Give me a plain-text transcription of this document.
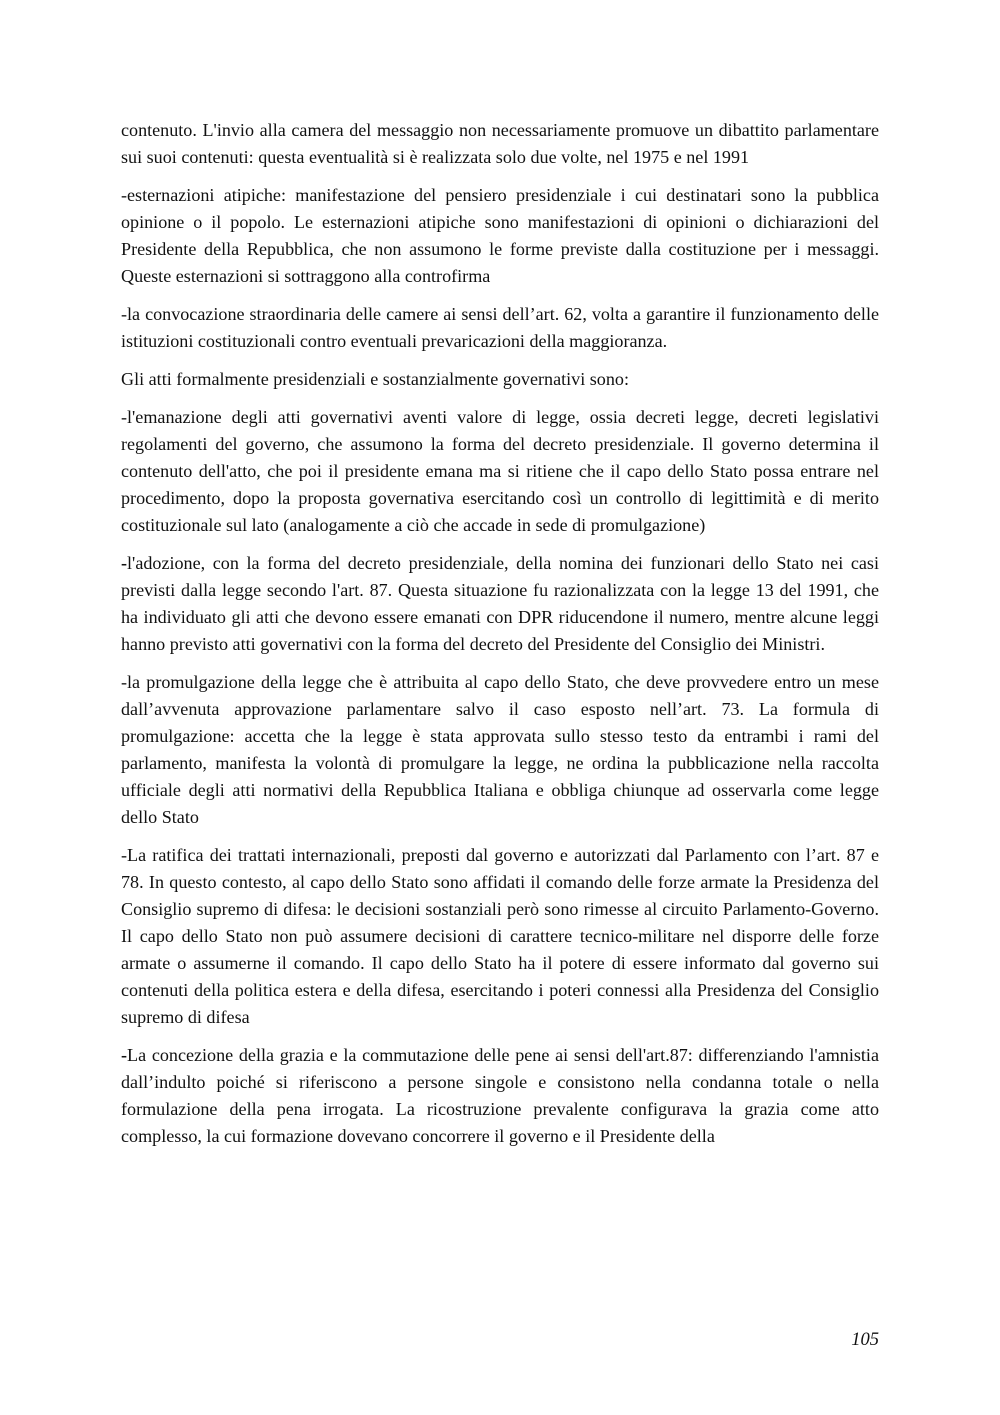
contenuto. L'invio alla camera del messaggio non necessariamente promuove un dibattito parlamentare sui suoi contenuti: questa eventualità si è realizzata solo due volte, nel 1975 e nel 1991

-esternazioni atipiche: manifestazione del pensiero presidenziale i cui destinatari sono la pubblica opinione o il popolo. Le esternazioni atipiche sono manifestazioni di opinioni o dichiarazioni del Presidente della Repubblica, che non assumono le forme previste dalla costituzione per i messaggi. Queste esternazioni si sottraggono alla controfirma

-la convocazione straordinaria delle camere ai sensi dell’art. 62, volta a garantire il funzionamento delle istituzioni costituzionali contro eventuali prevaricazioni della maggioranza.

Gli atti formalmente presidenziali e sostanzialmente governativi sono:

-l'emanazione degli atti governativi aventi valore di legge, ossia decreti legge, decreti legislativi regolamenti del governo, che assumono la forma del decreto presidenziale. Il governo determina il contenuto dell'atto, che poi il presidente emana ma si ritiene che il capo dello Stato possa entrare nel procedimento, dopo la proposta governativa esercitando così un controllo di legittimità e di merito costituzionale sul lato (analogamente a ciò che accade in sede di promulgazione)

-l'adozione, con la forma del decreto presidenziale, della nomina dei funzionari dello Stato nei casi previsti dalla legge secondo l'art. 87. Questa situazione fu razionalizzata con la legge 13 del 1991, che ha individuato gli atti che devono essere emanati con DPR riducendone il numero, mentre alcune leggi hanno previsto atti governativi con la forma del decreto del Presidente del Consiglio dei Ministri.

-la promulgazione della legge che è attribuita al capo dello Stato, che deve provvedere entro un mese dall’avvenuta approvazione parlamentare salvo il caso esposto nell’art. 73. La formula di promulgazione: accetta che la legge è stata approvata sullo stesso testo da entrambi i rami del parlamento, manifesta la volontà di promulgare la legge, ne ordina la pubblicazione nella raccolta ufficiale degli atti normativi della Repubblica Italiana e obbliga chiunque ad osservarla come legge dello Stato

-La ratifica dei trattati internazionali, preposti dal governo e autorizzati dal Parlamento con l’art. 87 e 78. In questo contesto, al capo dello Stato sono affidati il comando delle forze armate la Presidenza del Consiglio supremo di difesa: le decisioni sostanziali però sono rimesse al circuito Parlamento-Governo. Il capo dello Stato non può assumere decisioni di carattere tecnico-militare nel disporre delle forze armate o assumerne il comando. Il capo dello Stato ha il potere di essere informato dal governo sui contenuti della politica estera e della difesa, esercitando i poteri connessi alla Presidenza del Consiglio supremo di difesa

-La concezione della grazia e la commutazione delle pene ai sensi dell'art.87: differenziando l'amnistia dall’indulto poiché si riferiscono a persone singole e consistono nella condanna totale o nella formulazione della pena irrogata. La ricostruzione prevalente configurava la grazia come atto complesso, la cui formazione dovevano concorrere il governo e il Presidente della

105
